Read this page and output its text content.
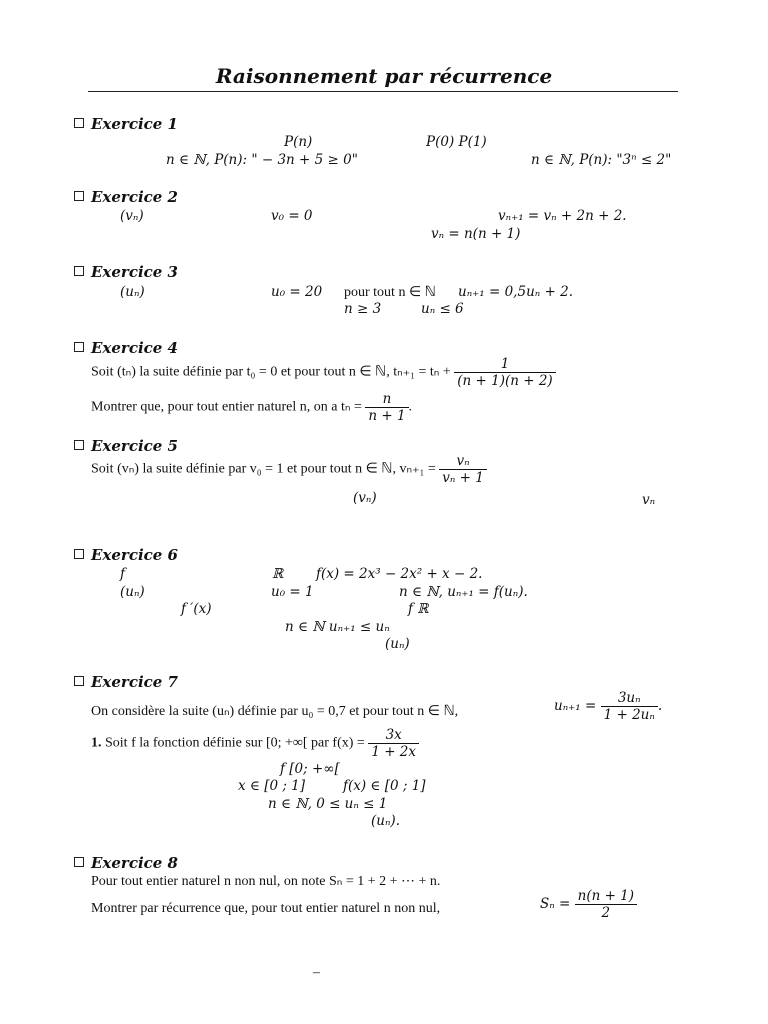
Raisonnement par récurrence
Exercice 1
P(n)	P(0) P(1)
n ∈ ℕ, P(n): " − 3n + 5 ≥ 0"	n ∈ ℕ, P(n): "3ⁿ ≤ 2"
Exercice 2
(vₙ)	v₀ = 0	vₙ₊₁ = vₙ + 2n + 2.
vₙ = n(n + 1)
Exercice 3
(uₙ)	u₀ = 20 pour tout n ∈ ℕ uₙ₊₁ = 0,5uₙ + 2.
n ≥ 3	uₙ ≤ 6
Exercice 4
Soit (tₙ) la suite définie par t₀ = 0 et pour tout n ∈ ℕ, $t_{n+1} = t_n + \frac{1}{(n + 1)(n + 2)}$
Montrer que, pour tout entier naturel n, on a $t_n = \frac{n}{n + 1}$ .
Exercice 5
Soit (vₙ) la suite définie par v₀ = 1 et pour tout n ∈ ℕ, $v_{n+1} = \frac{\text{vₙ}}{\text{vₙ + 1}}$
(vₙ)	vₙ
Exercice 6
f	ℝ f(x) = 2x³ − 2x² + x − 2.
(uₙ)	u₀ = 1	n ∈ ℕ, uₙ₊₁ = f(uₙ).
f ′(x)	f ℝ
n ∈ ℕ uₙ₊₁ ≤ uₙ
(uₙ)
Exercice 7
On considère la suite (uₙ) définie par u₀ = 0,7 et pour tout n ∈ ℕ,	$u_{n+1} = \frac{\text{3uₙ}}{\text{1 + 2uₙ}}$ .
1. Soit f la fonction définie sur [0; +∞[ par $f(x) = \frac{3x}{1 + 2x}$
f [0; +∞[
x ∈ [0 ; 1]	f(x) ∈ [0 ; 1]
n ∈ ℕ, 0 ≤ uₙ ≤ 1
(uₙ).
Exercice 8
Pour tout entier naturel n non nul, on note Sₙ = 1 + 2 + ⋯ + n.
Montrer par récurrence que, pour tout entier naturel n non nul,	$S_n = \frac{n(n + 1)}{2}$
–
